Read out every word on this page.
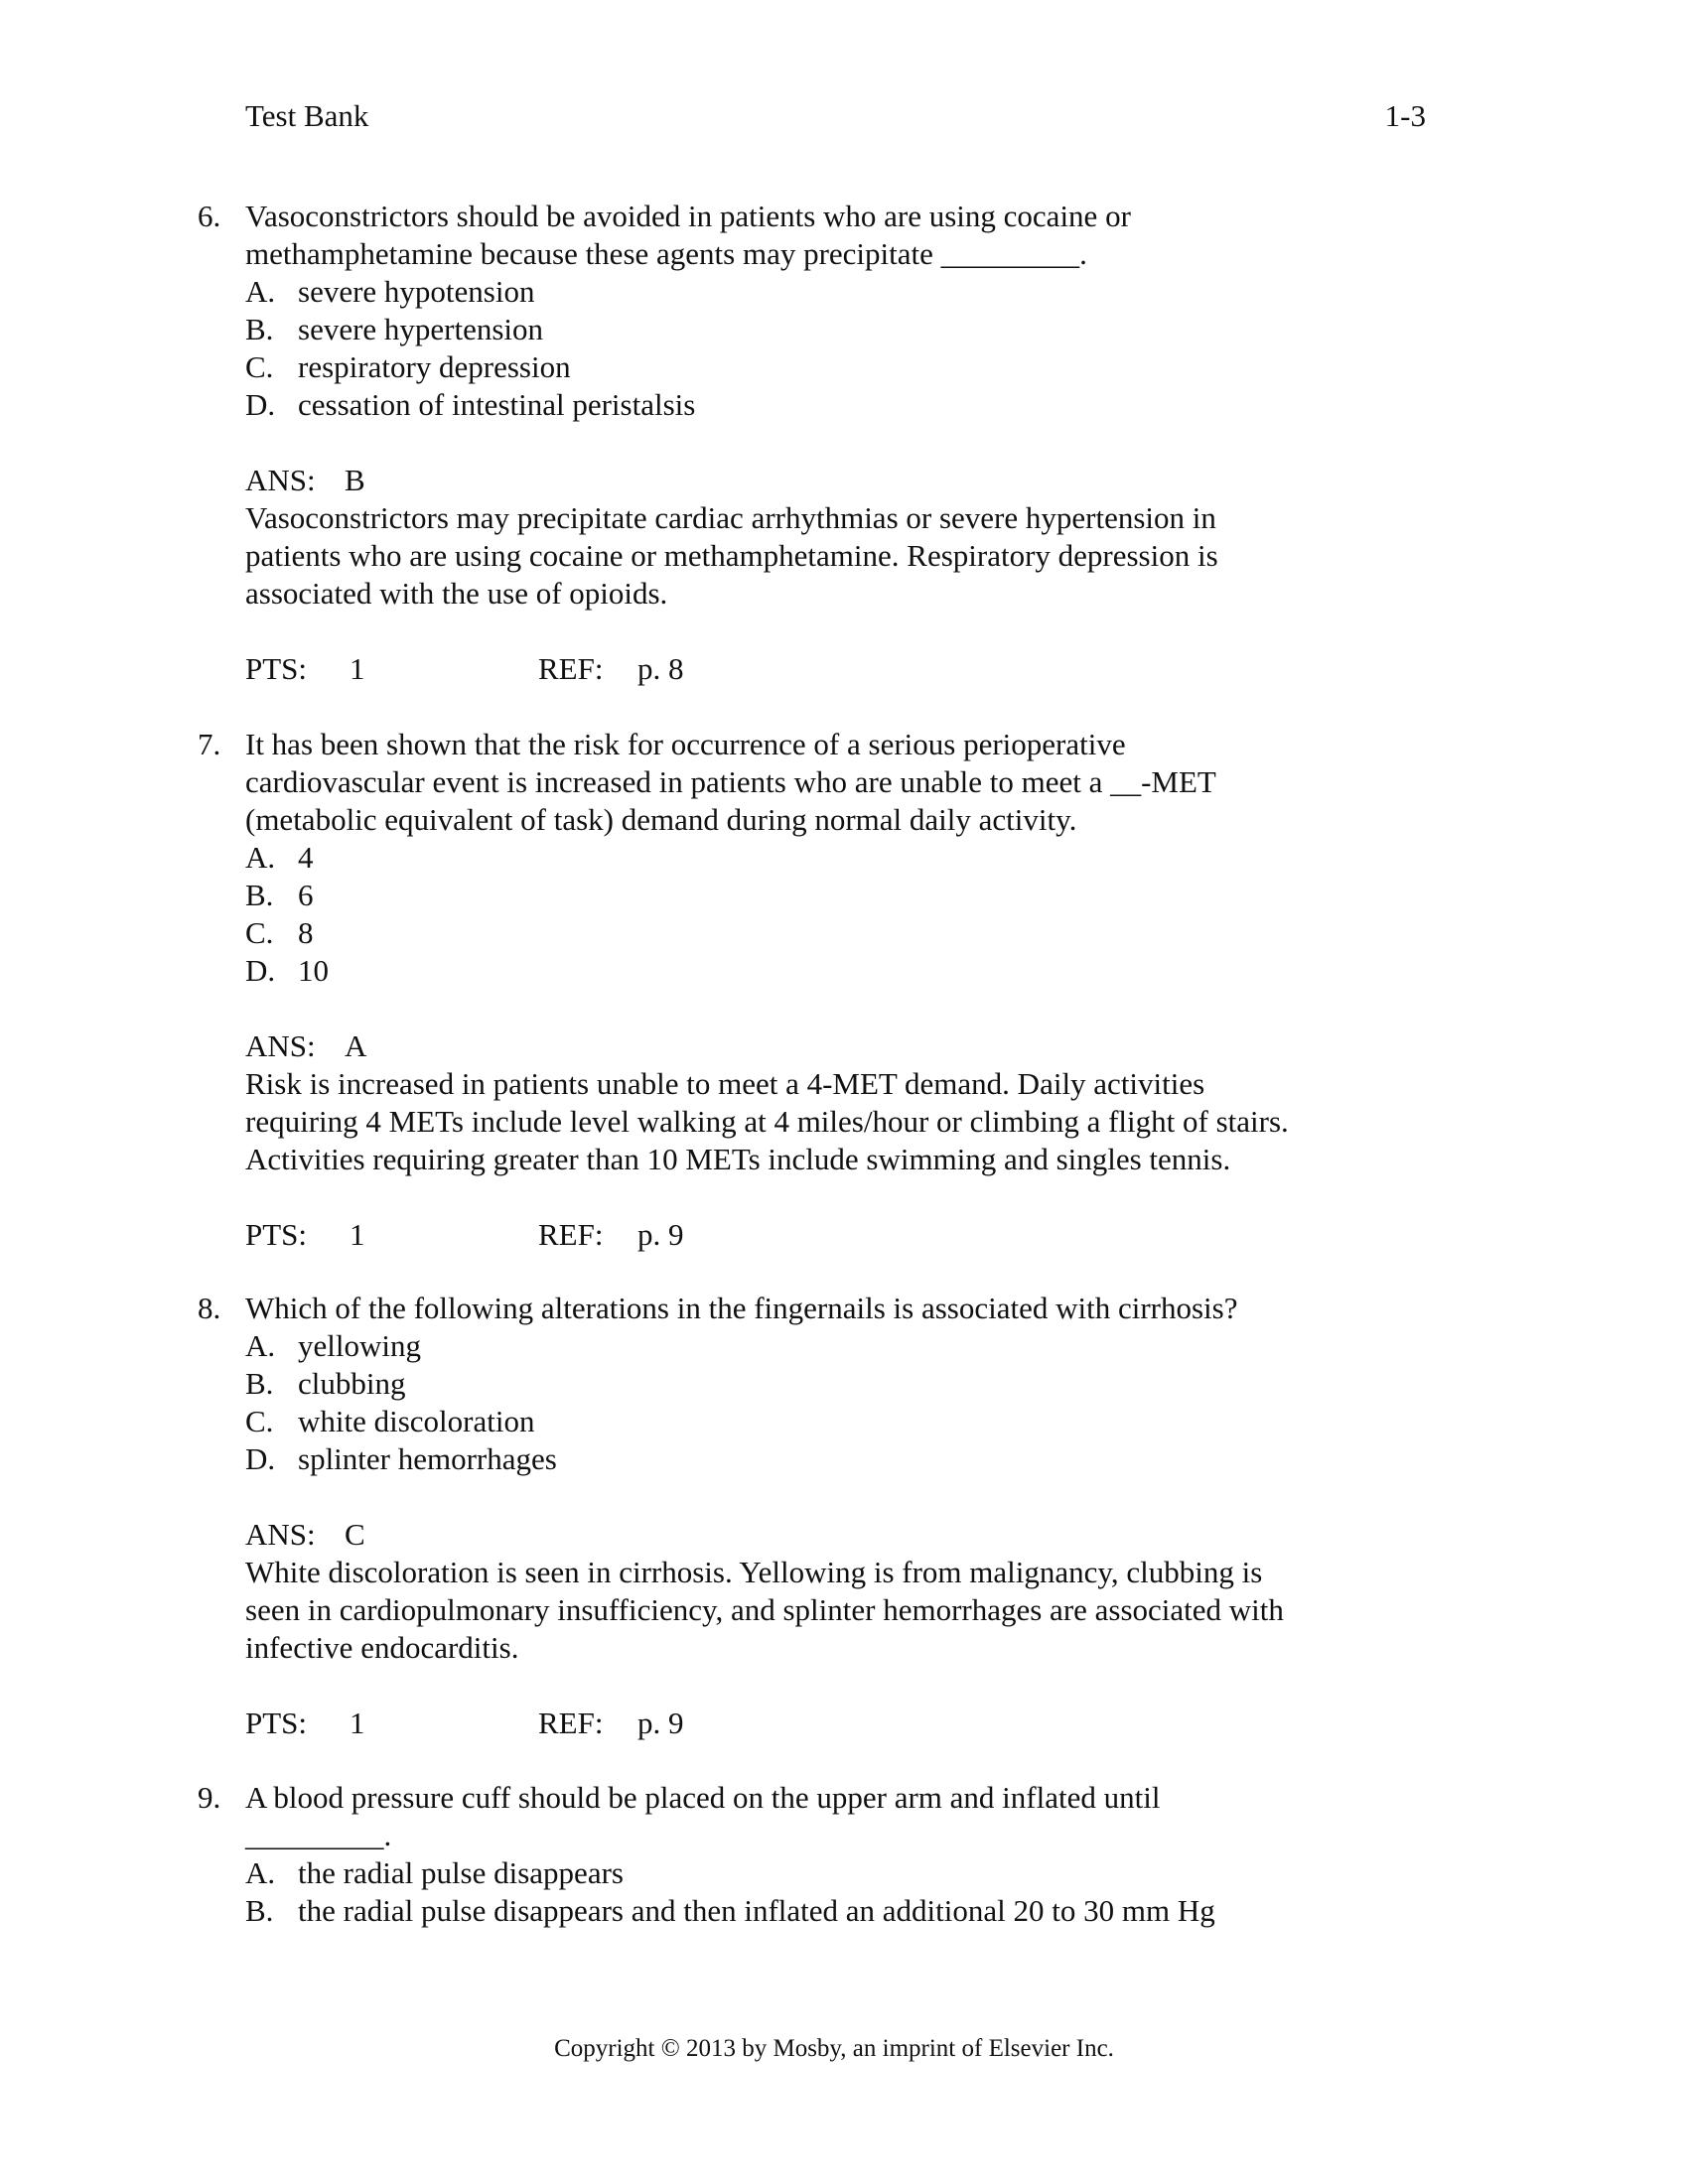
Test Bank	1-3
6. Vasoconstrictors should be avoided in patients who are using cocaine or
methamphetamine because these agents may precipitate _________.
A. severe hypotension
B. severe hypertension
C. respiratory depression
D. cessation of intestinal peristalsis
ANS: B
Vasoconstrictors may precipitate cardiac arrhythmias or severe hypertension in
patients who are using cocaine or methamphetamine. Respiratory depression is
associated with the use of opioids.
PTS: 1	REF: p. 8
7. It has been shown that the risk for occurrence of a serious perioperative
cardiovascular event is increased in patients who are unable to meet a __-MET
(metabolic equivalent of task) demand during normal daily activity.
A. 4
B. 6
C. 8
D. 10
ANS: A
Risk is increased in patients unable to meet a 4-MET demand. Daily activities
requiring 4 METs include level walking at 4 miles/hour or climbing a flight of stairs.
Activities requiring greater than 10 METs include swimming and singles tennis.
PTS: 1	REF: p. 9
8. Which of the following alterations in the fingernails is associated with cirrhosis?
A. yellowing
B. clubbing
C. white discoloration
D. splinter hemorrhages
ANS: C
White discoloration is seen in cirrhosis. Yellowing is from malignancy, clubbing is
seen in cardiopulmonary insufficiency, and splinter hemorrhages are associated with
infective endocarditis.
PTS: 1	REF: p. 9
9. A blood pressure cuff should be placed on the upper arm and inflated until
_________.
A. the radial pulse disappears
B. the radial pulse disappears and then inflated an additional 20 to 30 mm Hg
Copyright © 2013 by Mosby, an imprint of Elsevier Inc.
